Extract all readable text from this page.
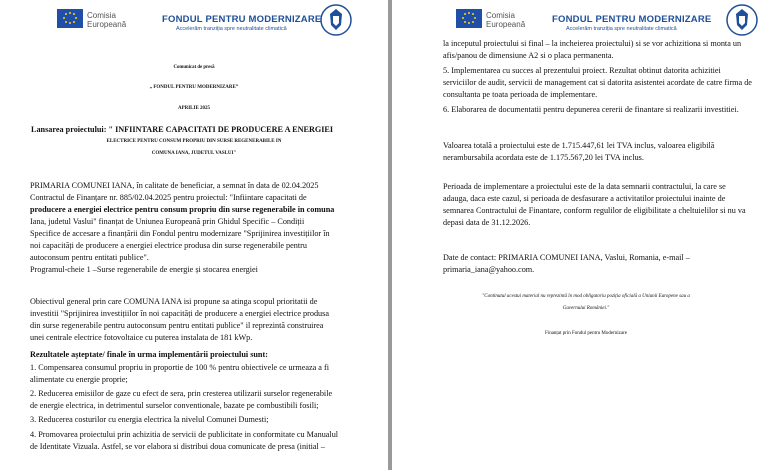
Comisia
Europeană	FONDUL PENTRU MODERNIZARE
Accelerăm tranziția spre neutralitate climatică
Comunicat de presă
„ FONDUL PENTRU MODERNIZARE”
APRILIE 2025
Lansarea proiectului: " INFIINTARE CAPACITATI DE PRODUCERE A ENERGIEI
ELECTRICE PENTRU CONSUM PROPRIU DIN SURSE REGENERABILE IN
COMUNA IANA, JUDETUL VASLUI"
PRIMARIA COMUNEI IANA, în calitate de beneficiar, a semnat în data de 02.04.2025
Contractul de Finanțare nr. 885/02.04.2025 pentru proiectul: "Infiintare capacitati de
producere a energiei electrice pentru consum propriu din surse regenerabile in comuna
Iana, judetul Vaslui" finanțat de Uniunea Europeană prin Ghidul Specific – Condiții
Specifice de accesare a finanțării din Fondul pentru modernizare "Sprijinirea investițiilor în
noi capacități de producere a energiei electrice produsa din surse regenerabile pentru
autoconsum pentru entitati publice".
Programul-cheie 1 –Surse regenerabile de energie și stocarea energiei
Obiectivul general prin care COMUNA IANA isi propune sa atinga scopul prioritatii de
investitii "Sprijinirea investițiilor în noi capacități de producere a energiei electrice produsa
din surse regenerabile pentru autoconsum pentru entitati publice" il reprezintă construirea
unei centrale electrice fotovoltaice cu puterea instalata de 181 kWp.
Rezultatele așteptate/ finale în urma implementării proiectului sunt:
1. Compensarea consumul propriu in proportie de 100 % pentru obiectivele ce urmeaza a fi
alimentate cu energie proprie;
2. Reducerea emisiilor de gaze cu efect de sera, prin cresterea utilizarii surselor regenerabile
de energie electrica, in detrimentul surselor conventionale, bazate pe combustibili fosili;
3. Reducerea costurilor cu energia electrica la nivelul Comunei Dumesti;
4. Promovarea proiectului prin achizitia de servicii de publicitate in conformitate cu Manualul
de Identitate Vizuala. Astfel, se vor elabora si distribui doua comunicate de presa (initial –
Comisia
Europeană	FONDUL PENTRU MODERNIZARE
Accelerăm tranziția spre neutralitate climatică
la inceputul proiectului si final – la incheierea proiectului) si se vor achizitiona si monta un
afis/panou de dimensiune A2 si o placa permanenta.
5. Implementarea cu succes al prezentului proiect. Rezultat obtinut datorita achizitiei
serviciilor de audit, servicii de management cat si datorita asistentei acordate de catre firma de
consultanta pe toata perioada de implementare.
6. Elaborarea de documentatii pentru depunerea cererii de finantare si realizarii investitiei.
Valoarea totală a proiectului este de 1.715.447,61 lei TVA inclus, valoarea eligibilă
nerambursabila acordata este de 1.175.567,20 lei TVA inclus.
Perioada de implementare a proiectului este de la data semnarii contractului, la care se
adauga, daca este cazul, si perioada de desfasurare a activitatilor proiectului inainte de
semnarea Contractului de Finantare, conform regulilor de eligibilitate a cheltuielilor si nu va
depasi data de 31.12.2026.
Date de contact: PRIMARIA COMUNEI IANA, Vaslui, Romania, e-mail –
primaria_iana@yahoo.com.
"Continutul acestui material nu reprezintă în mod obligatoriu poziția oficială a Uniunii Europene sau a
Guvernului României."
Finanțat prin Fondul pentru Modernizare
